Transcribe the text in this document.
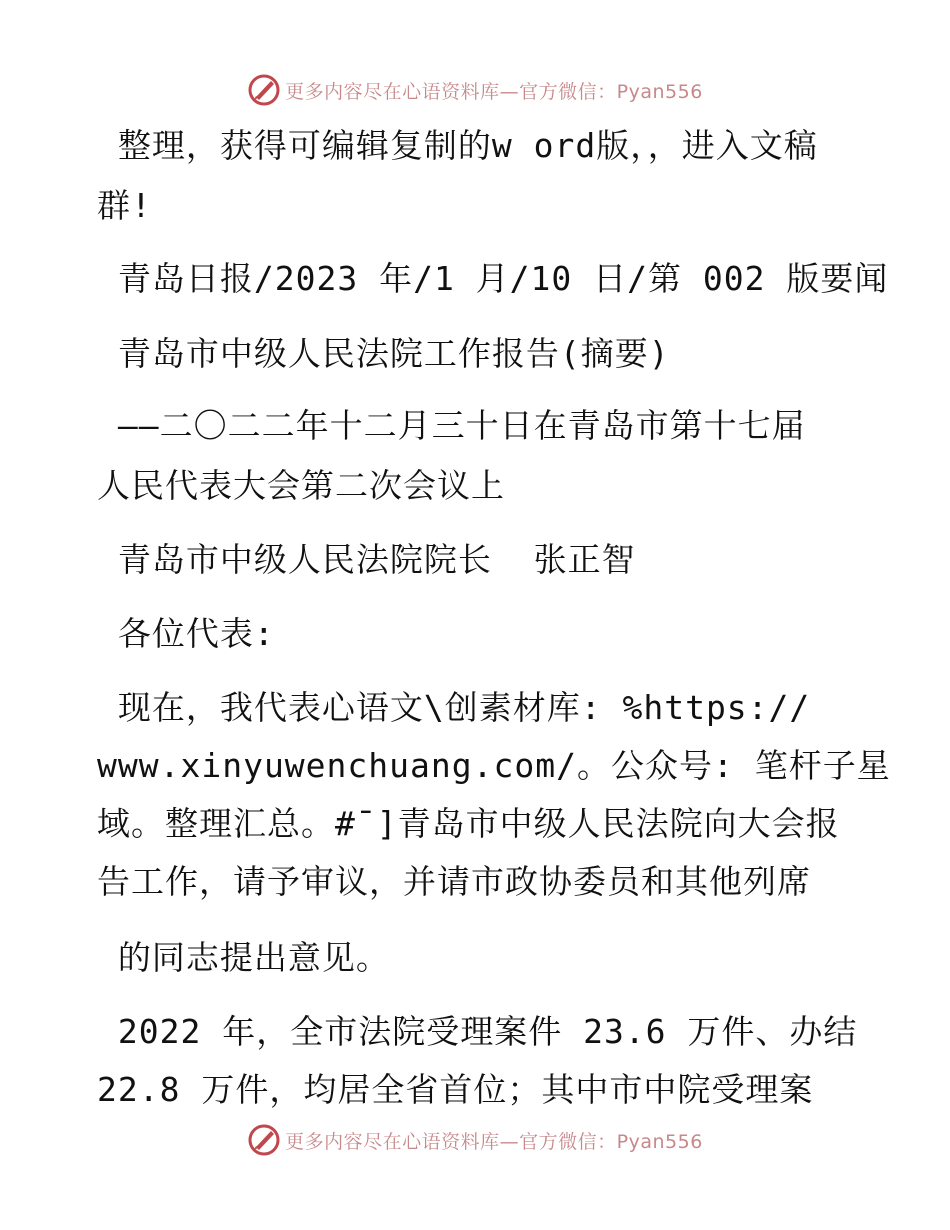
更多内容尽在心语资料库—官方微信：Pyan556
整理，获得可编辑复制的w ord版，，进入文稿
群!
青岛日报/2023 年/1 月/10 日/第 002 版要闻
青岛市中级人民法院工作报告(摘要)
——二〇二二年十二月三十日在青岛市第十七届
人民代表大会第二次会议上
青岛市中级人民法院院长  张正智
各位代表:
现在，我代表心语文\创素材库: %https://
www.xinyuwenchuang.com/。公众号: 笔杆子星
域。整理汇总。#¯]青岛市中级人民法院向大会报
告工作，请予审议，并请市政协委员和其他列席
的同志提出意见。
2022 年，全市法院受理案件 23.6 万件、办结
22.8 万件，均居全省首位；其中市中院受理案
更多内容尽在心语资料库—官方微信：Pyan556
